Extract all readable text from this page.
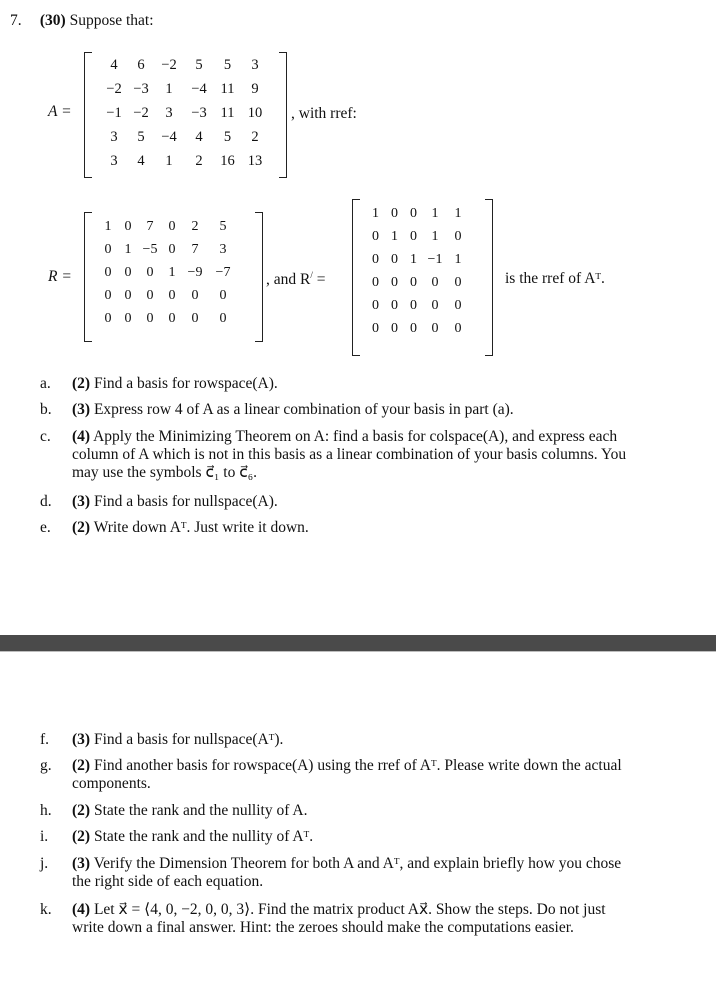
7. (30) Suppose that:
A =
4	6	−2	5	5	3
−2	−3	1	−4	11	9
−1	−2	3	−3	11	10
3	5	−4	4	5	2
3	4	1	2	16	13
, with rref:
R =
1	0	7	0	2	5
0	1	−5	0	7	3
0	0	0	1	−9	−7
0	0	0	0	0	0
0	0	0	0	0	0
, and R/ =
1	0	0	1	1
0	1	0	1	0
0	0	1	−1	1
0	0	0	0	0
0	0	0	0	0
0	0	0	0	0
is the rref of Aᵀ.
a. (2) Find a basis for rowspace(A).
b. (3) Express row 4 of A as a linear combination of your basis in part (a).
c. (4) Apply the Minimizing Theorem on A: find a basis for colspace(A), and express each column of A which is not in this basis as a linear combination of your basis columns. You may use the symbols c⃗₁ to c⃗₆.
d. (3) Find a basis for nullspace(A).
e. (2) Write down Aᵀ. Just write it down.
f. (3) Find a basis for nullspace(Aᵀ).
g. (2) Find another basis for rowspace(A) using the rref of Aᵀ. Please write down the actual components.
h. (2) State the rank and the nullity of A.
i. (2) State the rank and the nullity of Aᵀ.
j. (3) Verify the Dimension Theorem for both A and Aᵀ, and explain briefly how you chose the right side of each equation.
k. (4) Let x⃗ = ⟨4, 0, −2, 0, 0, 3⟩. Find the matrix product Ax⃗. Show the steps. Do not just write down a final answer. Hint: the zeroes should make the computations easier.
